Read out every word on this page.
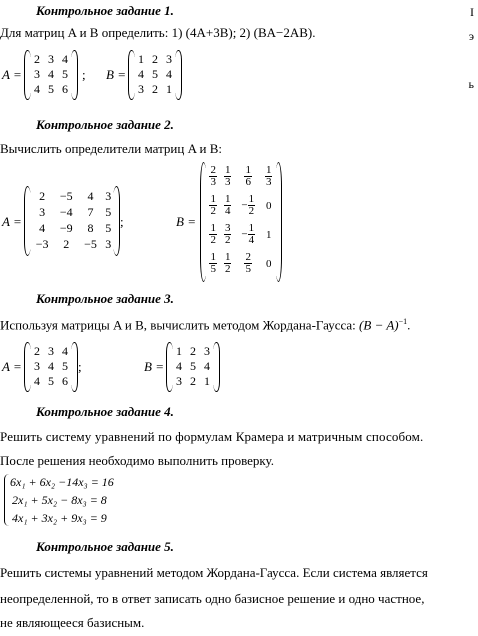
I
э
ь
Контрольное задание 1.
Для матриц A и B определить: 1) (4A+3B); 2) (BA−2AB).
A =
2	3	4
3	4	5
4	5	6
; B =
1	2	3
4	5	4
3	2	1
Контрольное задание 2.
Вычислить определители матриц A и B:
A =
2	−5	4	3
3	−4	7	5
4	−9	8	5
−3	2	−5	3
;	B =
$\frac{2}{3}$	$\frac{1}{3}$	$\frac{1}{6}$	$\frac{1}{3}$

$\frac{1}{2}$	$\frac{1}{4}$	− $\frac{1}{2}$	0

$\frac{1}{2}$	$\frac{3}{2}$	− $\frac{1}{4}$	1

$\frac{1}{5}$	$\frac{1}{2}$	$\frac{2}{5}$	0
Контрольное задание 3.
Используя матрицы A и B, вычислить методом Жордана-Гаусса: $(B - A)^{-1}$.
A =
2	3	4
3	4	5
4	5	6
;	B =
1	2	3
4	5	4
3	2	1
Контрольное задание 4.
Решить систему уравнений по формулам Крамера и матричным способом.
После решения необходимо выполнить проверку.
6x₁ + 6x₂ −14x₃ = 16
2x₁ + 5x₂ − 8x₃ = 8
4x₁ + 3x₂ + 9x₃ = 9
Контрольное задание 5.
Решить системы уравнений методом Жордана-Гаусса. Если система является
неопределенной, то в ответ записать одно базисное решение и одно частное,
не являющееся базисным.
